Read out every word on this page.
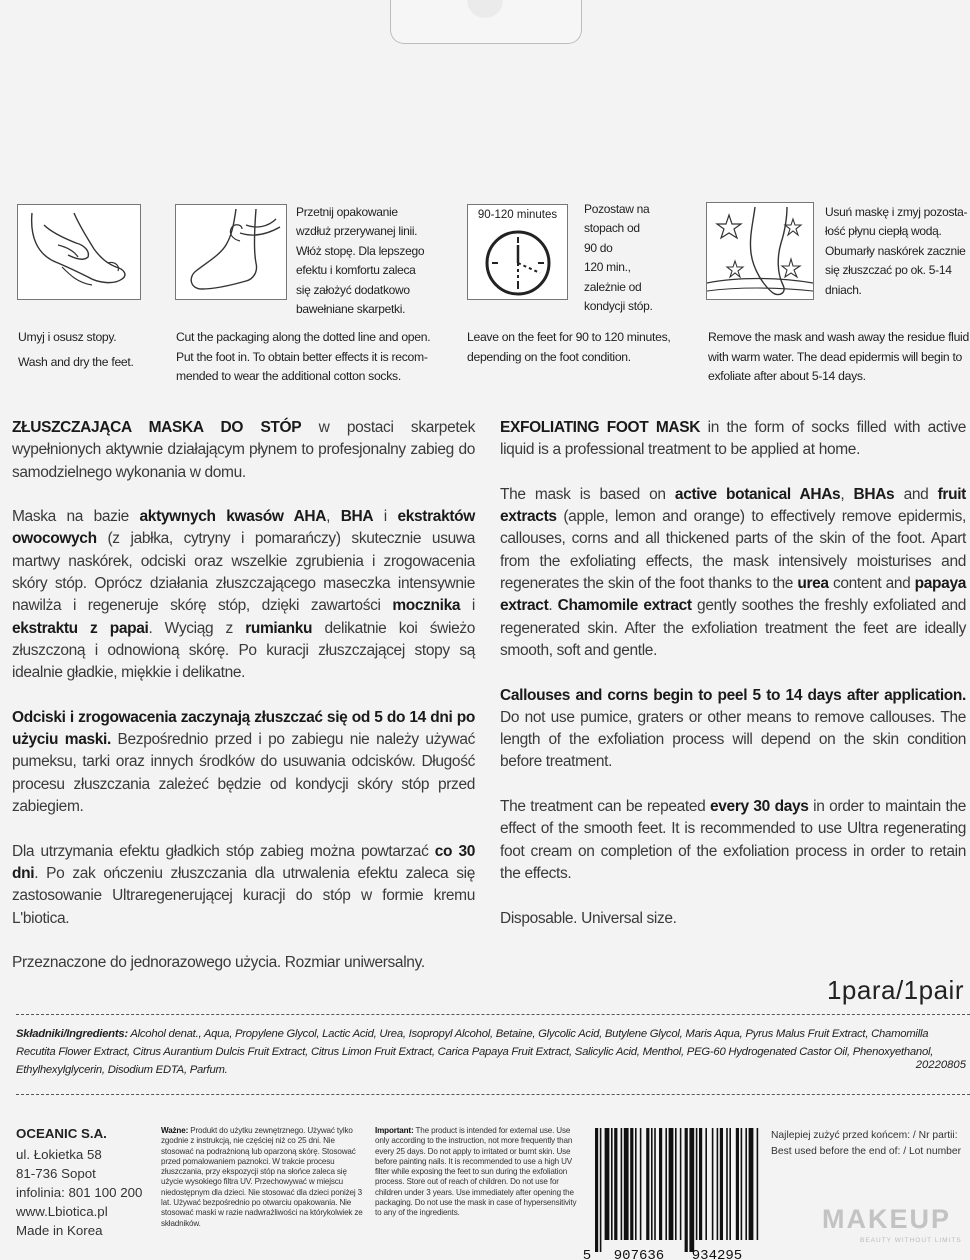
Umyj i osusz stopy.
Wash and dry the feet.
Przetnij opakowanie
wzdłuż przerywanej linii.
Włóż stopę. Dla lepszego
efektu i komfortu zaleca
się założyć dodatkowo
bawełniane skarpetki.
Cut the packaging along the dotted line and open.
Put the foot in. To obtain better effects it is recom-
mended to wear the additional cotton socks.
90-120 minutes	Pozostaw na
stopach od
90 do
120 min.,
zależnie od
kondycji stóp.
Leave on the feet for 90 to 120 minutes,
depending on the foot condition.
Usuń maskę i zmyj pozosta-
łość płynu ciepłą wodą.
Obumarły naskórek zacznie
się złuszczać po ok. 5-14
dniach.
Remove the mask and wash away the residue fluid
with warm water. The dead epidermis will begin to
exfoliate after about 5-14 days.

ZŁUSZCZAJĄCA MASKA DO STÓP w postaci skarpetek wypełnionych aktywnie działającym płynem to profesjonalny zabieg do samodzielnego wykonania w domu.

Maska na bazie aktywnych kwasów AHA, BHA i ekstraktów owocowych (z jabłka, cytryny i pomarańczy) skutecznie usuwa martwy naskórek, odciski oraz wszelkie zgrubienia i zrogowacenia skóry stóp. Oprócz działania złuszczającego maseczka intensywnie nawilża i regeneruje skórę stóp, dzięki zawartości mocznika i ekstraktu z papai. Wyciąg z rumianku delikatnie koi świeżo złuszczoną i odnowioną skórę. Po kuracji złuszczającej stopy są idealnie gładkie, miękkie i delikatne.

Odciski i zrogowacenia zaczynają złuszczać się od 5 do 14 dni po użyciu maski. Bezpośrednio przed i po zabiegu nie należy używać pumeksu, tarki oraz innych środków do usuwania odcisków. Długość procesu złuszczania zależeć będzie od kondycji skóry stóp przed zabiegiem.

Dla utrzymania efektu gładkich stóp zabieg można powtarzać co 30 dni. Po zak ończeniu złuszczania dla utrwalenia efektu zaleca się zastosowanie Ultraregenerującej kuracji do stóp w formie kremu L'biotica.

Przeznaczone do jednorazowego użycia. Rozmiar uniwersalny.

EXFOLIATING FOOT MASK in the form of socks filled with active liquid is a professional treatment to be applied at home.

The mask is based on active botanical AHAs, BHAs and fruit extracts (apple, lemon and orange) to effectively remove epidermis, callouses, corns and all thickened parts of the skin of the foot. Apart from the exfoliating effects, the mask intensively moisturises and regenerates the skin of the foot thanks to the urea content and papaya extract. Chamomile extract gently soothes the freshly exfoliated and regenerated skin. After the exfoliation treatment the feet are ideally smooth, soft and gentle.

Callouses and corns begin to peel 5 to 14 days after application. Do not use pumice, graters or other means to remove callouses. The length of the exfoliation process will depend on the skin condition before treatment.

The treatment can be repeated every 30 days in order to maintain the effect of the smooth feet. It is recommended to use Ultra regenerating foot cream on completion of the exfoliation process in order to retain the effects.

Disposable. Universal size.

1para/1pair
Składniki/Ingredients: Alcohol denat., Aqua, Propylene Glycol, Lactic Acid, Urea, Isopropyl Alcohol, Betaine, Glycolic Acid, Butylene Glycol, Maris Aqua, Pyrus Malus Fruit Extract, Chamomilla Recutita Flower Extract, Citrus Aurantium Dulcis Fruit Extract, Citrus Limon Fruit Extract, Carica Papaya Fruit Extract, Salicylic Acid, Menthol, PEG-60 Hydrogenated Castor Oil, Phenoxyethanol, Ethylhexylglycerin, Disodium EDTA, Parfum.	20220805
OCEANIC S.A.
ul. Łokietka 58
81-736 Sopot
infolinia: 801 100 200
www.Lbiotica.pl
Made in Korea
Ważne: Produkt do użytku zewnętrznego. Używać tylko zgodnie z instrukcją, nie częściej niż co 25 dni. Nie stosować na podrażnioną lub oparzoną skórę. Stosować przed pomalowaniem paznokci. W trakcie procesu złuszczania, przy ekspozycji stóp na słońce zaleca się użycie wysokiego filtra UV. Przechowywać w miejscu niedostępnym dla dzieci. Nie stosować dla dzieci poniżej 3 lat. Używać bezpośrednio po otwarciu opakowania. Nie stosować maski w razie nadwrażliwości na którykolwiek ze składników.
Important: The product is intended for external use. Use only according to the instruction, not more frequently than every 25 days. Do not apply to irritated or burnt skin. Use before painting nails. It is recommended to use a high UV filter while exposing the feet to sun during the exfoliation process. Store out of reach of children. Do not use for children under 3 years. Use immediately after opening the packaging. Do not use the mask in case of hypersensitivity to any of the ingredients.
5 907636 934295
Najlepiej zużyć przed końcem: / Nr partii:
Best used before the end of: / Lot number
MAKEUP
BEAUTY WITHOUT LIMITS
